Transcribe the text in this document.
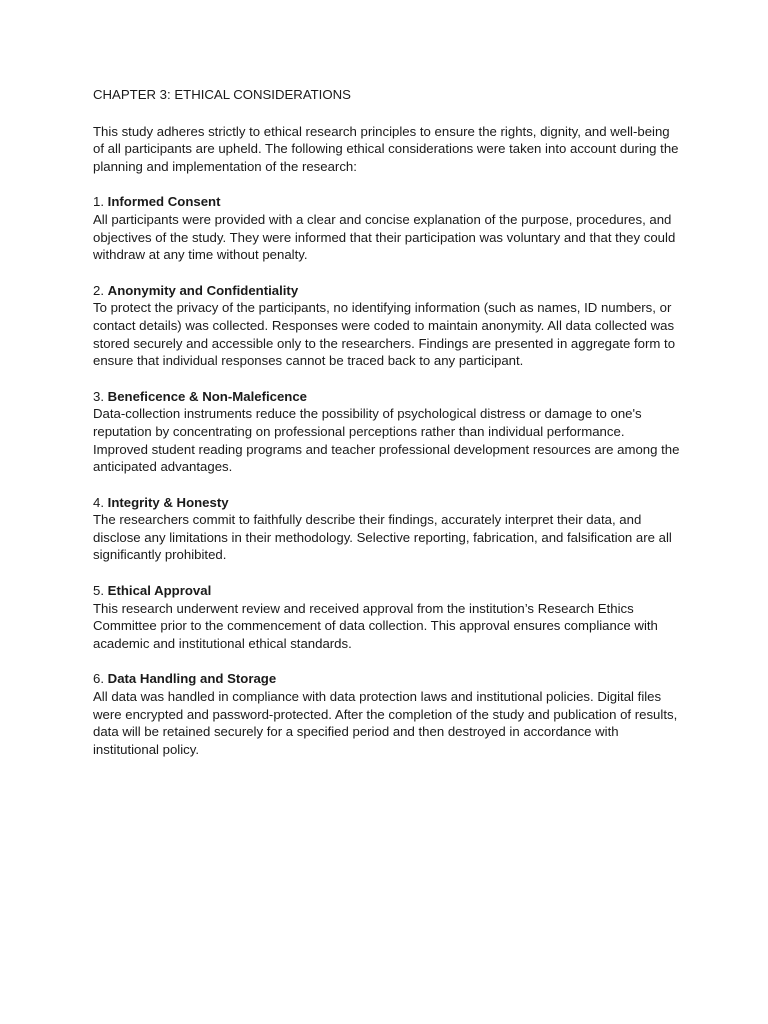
CHAPTER 3: ETHICAL CONSIDERATIONS

This study adheres strictly to ethical research principles to ensure the rights, dignity, and well-being of all participants are upheld. The following ethical considerations were taken into account during the planning and implementation of the research:

1. Informed Consent

All participants were provided with a clear and concise explanation of the purpose, procedures, and objectives of the study. They were informed that their participation was voluntary and that they could withdraw at any time without penalty.

2. Anonymity and Confidentiality

To protect the privacy of the participants, no identifying information (such as names, ID numbers, or contact details) was collected. Responses were coded to maintain anonymity. All data collected was stored securely and accessible only to the researchers. Findings are presented in aggregate form to ensure that individual responses cannot be traced back to any participant.

3. Beneficence & Non-Maleficence

Data-collection instruments reduce the possibility of psychological distress or damage to one's reputation by concentrating on professional perceptions rather than individual performance. Improved student reading programs and teacher professional development resources are among the anticipated advantages.

4. Integrity & Honesty

The researchers commit to faithfully describe their findings, accurately interpret their data, and disclose any limitations in their methodology. Selective reporting, fabrication, and falsification are all significantly prohibited.

5. Ethical Approval

This research underwent review and received approval from the institution’s Research Ethics Committee prior to the commencement of data collection. This approval ensures compliance with academic and institutional ethical standards.

6. Data Handling and Storage

All data was handled in compliance with data protection laws and institutional policies. Digital files were encrypted and password-protected. After the completion of the study and publication of results, data will be retained securely for a specified period and then destroyed in accordance with institutional policy.
